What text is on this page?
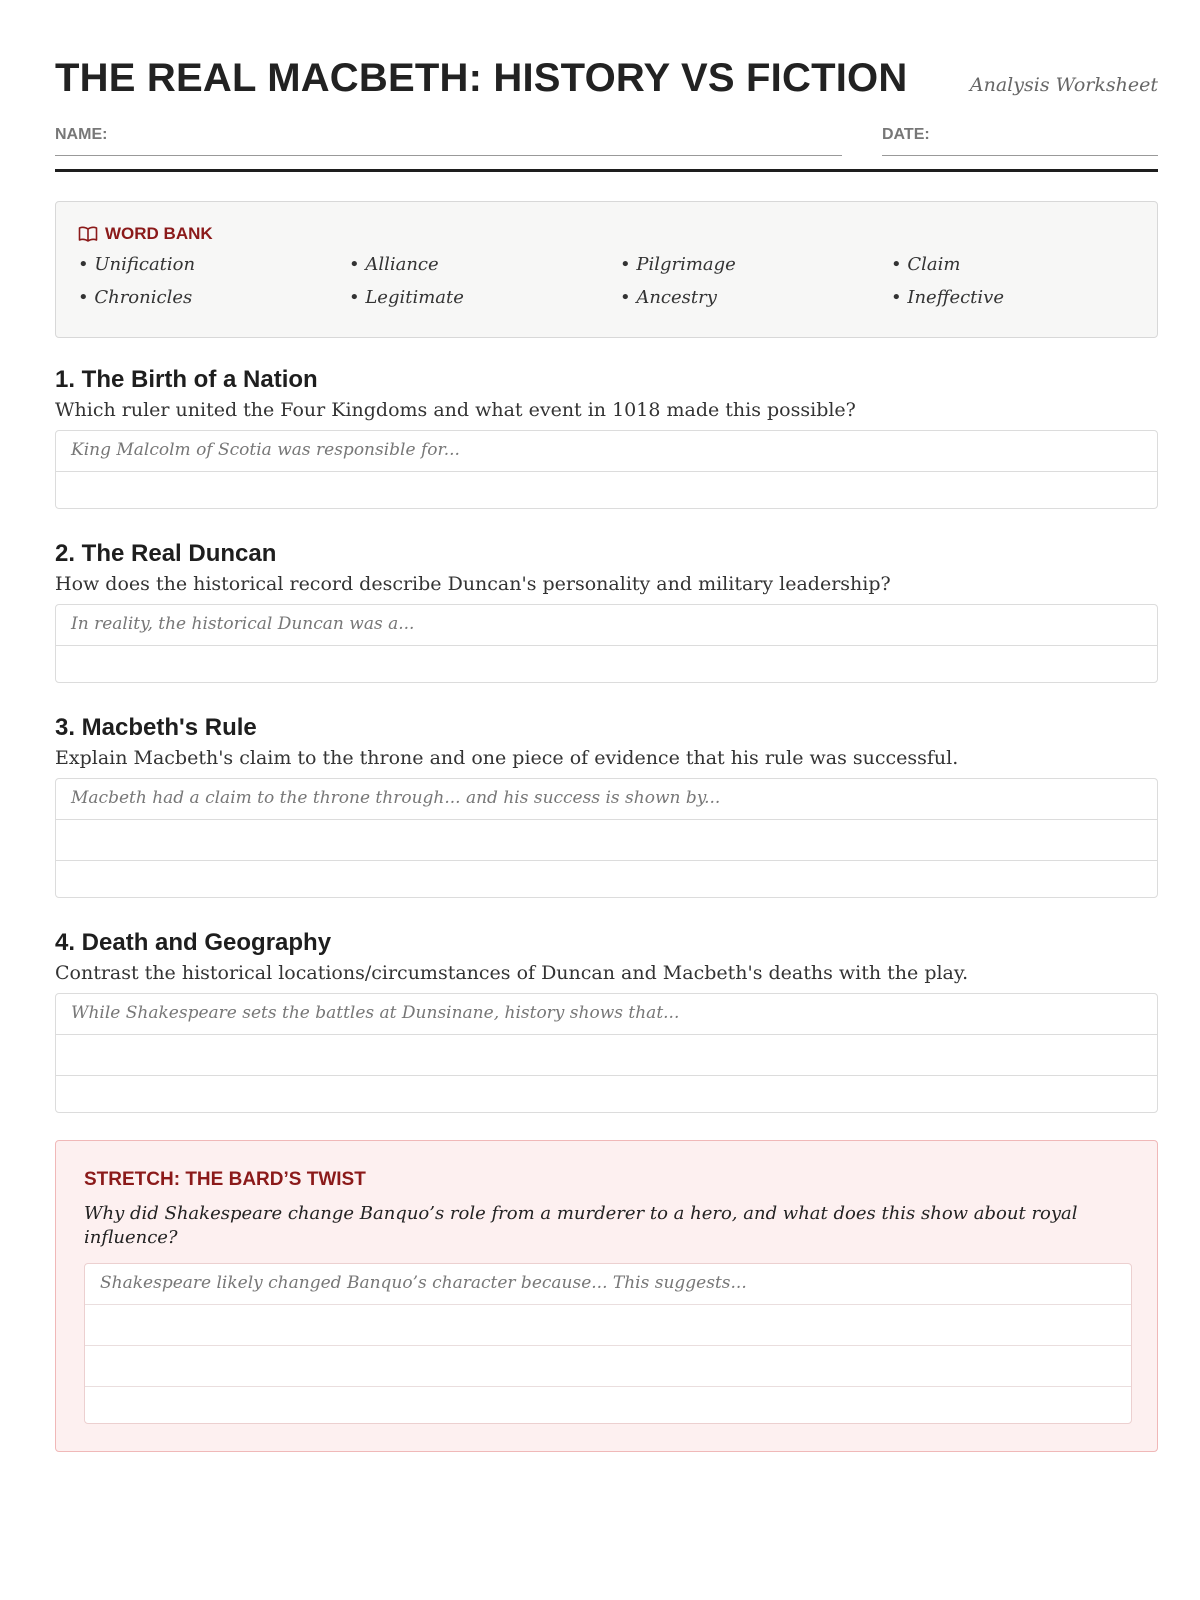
THE REAL MACBETH: HISTORY VS FICTION	Analysis Worksheet
NAME:	DATE:
WORD BANK
• Unification	• Alliance	• Pilgrimage	• Claim
• Chronicles	• Legitimate	• Ancestry	• Ineffective
1. The Birth of a Nation
Which ruler united the Four Kingdoms and what event in 1018 made this possible?
King Malcolm of Scotia was responsible for...
2. The Real Duncan
How does the historical record describe Duncan's personality and military leadership?
In reality, the historical Duncan was a...
3. Macbeth's Rule
Explain Macbeth's claim to the throne and one piece of evidence that his rule was successful.
Macbeth had a claim to the throne through... and his success is shown by...
4. Death and Geography
Contrast the historical locations/circumstances of Duncan and Macbeth's deaths with the play.
While Shakespeare sets the battles at Dunsinane, history shows that...
STRETCH: THE BARD’S TWIST
Why did Shakespeare change Banquo’s role from a murderer to a hero, and what does this show about royal influence?
Shakespeare likely changed Banquo’s character because... This suggests...
